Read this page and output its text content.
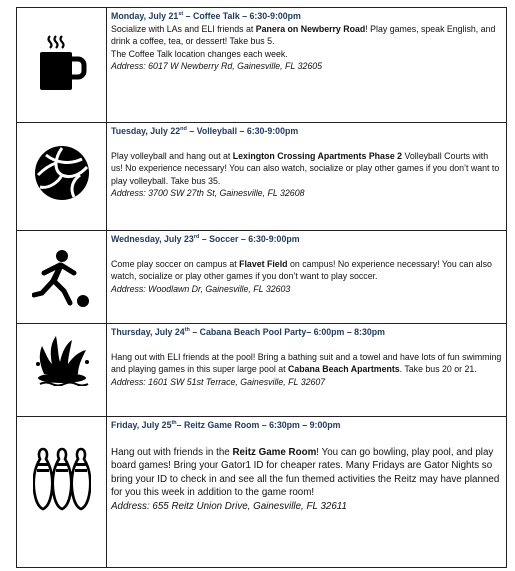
Monday, July 21st – Coffee Talk – 6:30-9:00pm

Socialize with LAs and ELI friends at Panera on Newberry Road! Play games, speak English, and drink a coffee, tea, or dessert! Take bus 5.

The Coffee Talk location changes each week.

Address: 6017 W Newberry Rd, Gainesville, FL 32605

Tuesday, July 22nd – Volleyball – 6:30-9:00pm

Play volleyball and hang out at Lexington Crossing Apartments Phase 2 Volleyball Courts with us! No experience necessary! You can also watch, socialize or play other games if you don’t want to play volleyball. Take bus 35.

Address: 3700 SW 27th St, Gainesville, FL 32608

Wednesday, July 23rd – Soccer – 6:30-9:00pm

Come play soccer on campus at Flavet Field on campus! No experience necessary! You can also watch, socialize or play other games if you don’t want to play soccer.

Address: Woodlawn Dr, Gainesville, FL 32603

Thursday, July 24th – Cabana Beach Pool Party– 6:00pm – 8:30pm

Hang out with ELI friends at the pool! Bring a bathing suit and a towel and have lots of fun swimming and playing games in this super large pool at Cabana Beach Apartments. Take bus 20 or 21.

Address: 1601 SW 51st Terrace, Gainesville, FL 32607

Friday, July 25th– Reitz Game Room – 6:30pm – 9:00pm

Hang out with friends in the Reitz Game Room! You can go bowling, play pool, and play board games! Bring your Gator1 ID for cheaper rates. Many Fridays are Gator Nights so bring your ID to check in and see all the fun themed activities the Reitz may have planned for you this week in addition to the game room!

Address: 655 Reitz Union Drive, Gainesville, FL 32611
